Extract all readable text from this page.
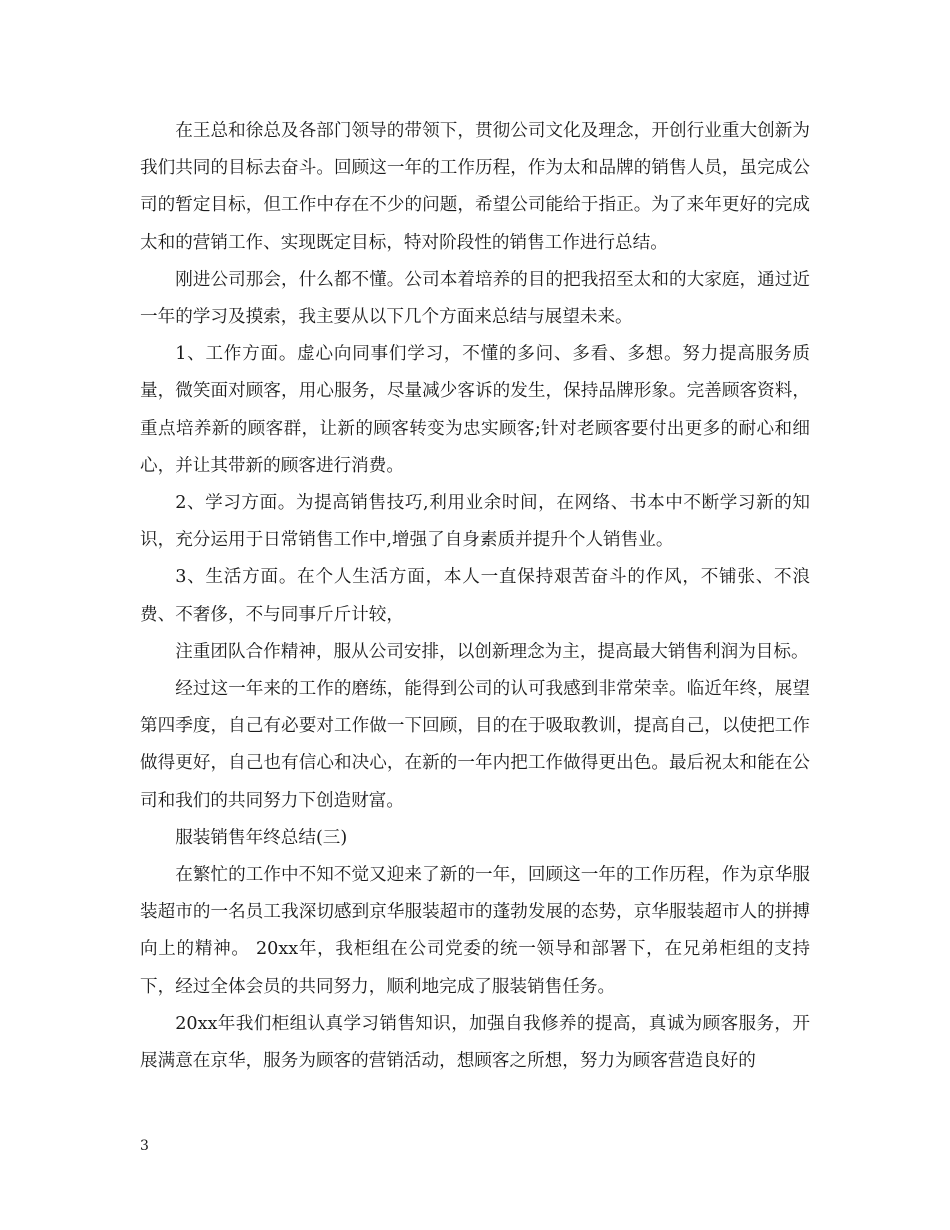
在王总和徐总及各部门领导的带领下，贯彻公司文化及理念，开创行业重大创新为我们共同的目标去奋斗。回顾这一年的工作历程，作为太和品牌的销售人员，虽完成公司的暂定目标，但工作中存在不少的问题，希望公司能给于指正。为了来年更好的完成太和的营销工作、实现既定目标，特对阶段性的销售工作进行总结。

刚进公司那会，什么都不懂。公司本着培养的目的把我招至太和的大家庭，通过近一年的学习及摸索，我主要从以下几个方面来总结与展望未来。

1、工作方面。虚心向同事们学习，不懂的多问、多看、多想。努力提高服务质量，微笑面对顾客，用心服务，尽量减少客诉的发生，保持品牌形象。完善顾客资料，重点培养新的顾客群，让新的顾客转变为忠实顾客;针对老顾客要付出更多的耐心和细心，并让其带新的顾客进行消费。

2、学习方面。为提高销售技巧,利用业余时间，在网络、书本中不断学习新的知识，充分运用于日常销售工作中,增强了自身素质并提升个人销售业。

3、生活方面。在个人生活方面，本人一直保持艰苦奋斗的作风，不铺张、不浪费、不奢侈，不与同事斤斤计较，

注重团队合作精神，服从公司安排，以创新理念为主，提高最大销售利润为目标。

经过这一年来的工作的磨练，能得到公司的认可我感到非常荣幸。临近年终，展望第四季度，自己有必要对工作做一下回顾，目的在于吸取教训，提高自己，以使把工作做得更好，自己也有信心和决心，在新的一年内把工作做得更出色。最后祝太和能在公司和我们的共同努力下创造财富。

服装销售年终总结(三)

在繁忙的工作中不知不觉又迎来了新的一年，回顾这一年的工作历程，作为京华服装超市的一名员工我深切感到京华服装超市的蓬勃发展的态势，京华服装超市人的拼搏向上的精神。 20xx年，我柜组在公司党委的统一领导和部署下，在兄弟柜组的支持下，经过全体会员的共同努力，顺利地完成了服装销售任务。

20xx年我们柜组认真学习销售知识，加强自我修养的提高，真诚为顾客服务，开展满意在京华，服务为顾客的营销活动，想顾客之所想，努力为顾客营造良好的

3
